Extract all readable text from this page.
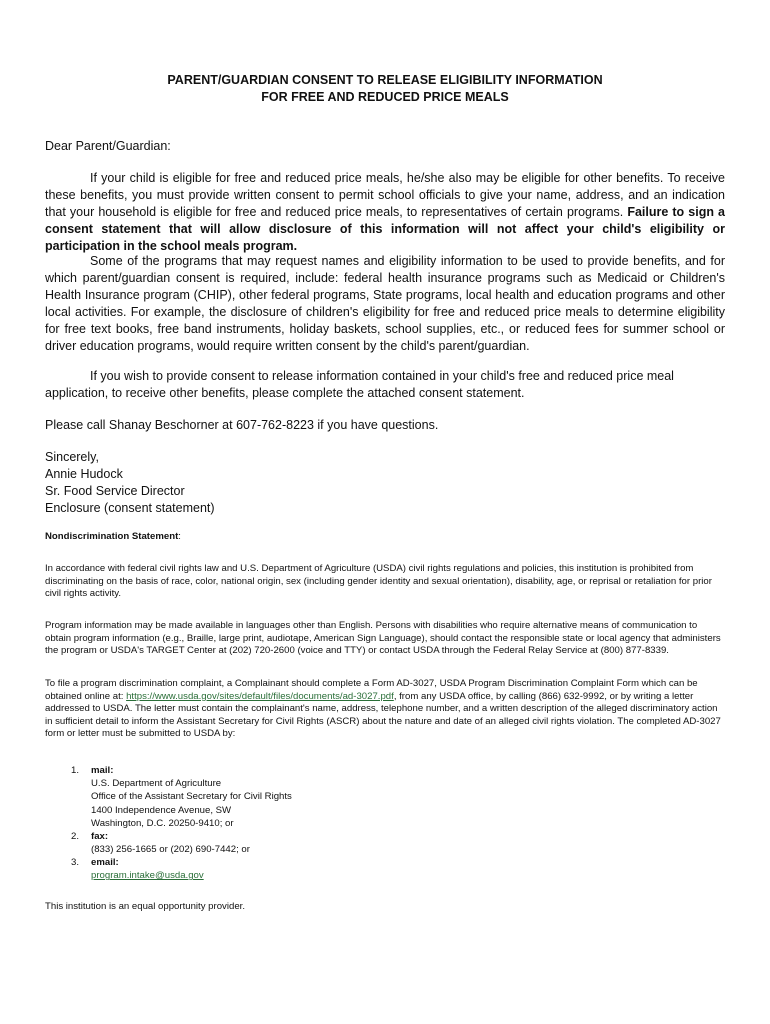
PARENT/GUARDIAN CONSENT TO RELEASE ELIGIBILITY INFORMATION
FOR FREE AND REDUCED PRICE MEALS
Dear Parent/Guardian:
If your child is eligible for free and reduced price meals, he/she also may be eligible for other benefits. To receive these benefits, you must provide written consent to permit school officials to give your name, address, and an indication that your household is eligible for free and reduced price meals, to representatives of certain programs. Failure to sign a consent statement that will allow disclosure of this information will not affect your child's eligibility or participation in the school meals program.
Some of the programs that may request names and eligibility information to be used to provide benefits, and for which parent/guardian consent is required, include: federal health insurance programs such as Medicaid or Children's Health Insurance program (CHIP), other federal programs, State programs, local health and education programs and other local activities. For example, the disclosure of children's eligibility for free and reduced price meals to determine eligibility for free text books, free band instruments, holiday baskets, school supplies, etc., or reduced fees for summer school or driver education programs, would require written consent by the child's parent/guardian.
If you wish to provide consent to release information contained in your child's free and reduced price meal application, to receive other benefits, please complete the attached consent statement.
Please call Shanay Beschorner at 607-762-8223 if you have questions.
Sincerely,
Annie Hudock
Sr. Food Service Director
Enclosure (consent statement)
Nondiscrimination Statement:
In accordance with federal civil rights law and U.S. Department of Agriculture (USDA) civil rights regulations and policies, this institution is prohibited from discriminating on the basis of race, color, national origin, sex (including gender identity and sexual orientation), disability, age, or reprisal or retaliation for prior civil rights activity.
Program information may be made available in languages other than English. Persons with disabilities who require alternative means of communication to obtain program information (e.g., Braille, large print, audiotape, American Sign Language), should contact the responsible state or local agency that administers the program or USDA's TARGET Center at (202) 720-2600 (voice and TTY) or contact USDA through the Federal Relay Service at (800) 877-8339.
To file a program discrimination complaint, a Complainant should complete a Form AD-3027, USDA Program Discrimination Complaint Form which can be obtained online at: https://www.usda.gov/sites/default/files/documents/ad-3027.pdf, from any USDA office, by calling (866) 632-9992, or by writing a letter addressed to USDA. The letter must contain the complainant's name, address, telephone number, and a written description of the alleged discriminatory action in sufficient detail to inform the Assistant Secretary for Civil Rights (ASCR) about the nature and date of an alleged civil rights violation. The completed AD-3027 form or letter must be submitted to USDA by:
1. mail:
U.S. Department of Agriculture
Office of the Assistant Secretary for Civil Rights
1400 Independence Avenue, SW
Washington, D.C. 20250-9410; or
2. fax:
(833) 256-1665 or (202) 690-7442; or
3. email:
program.intake@usda.gov
This institution is an equal opportunity provider.
